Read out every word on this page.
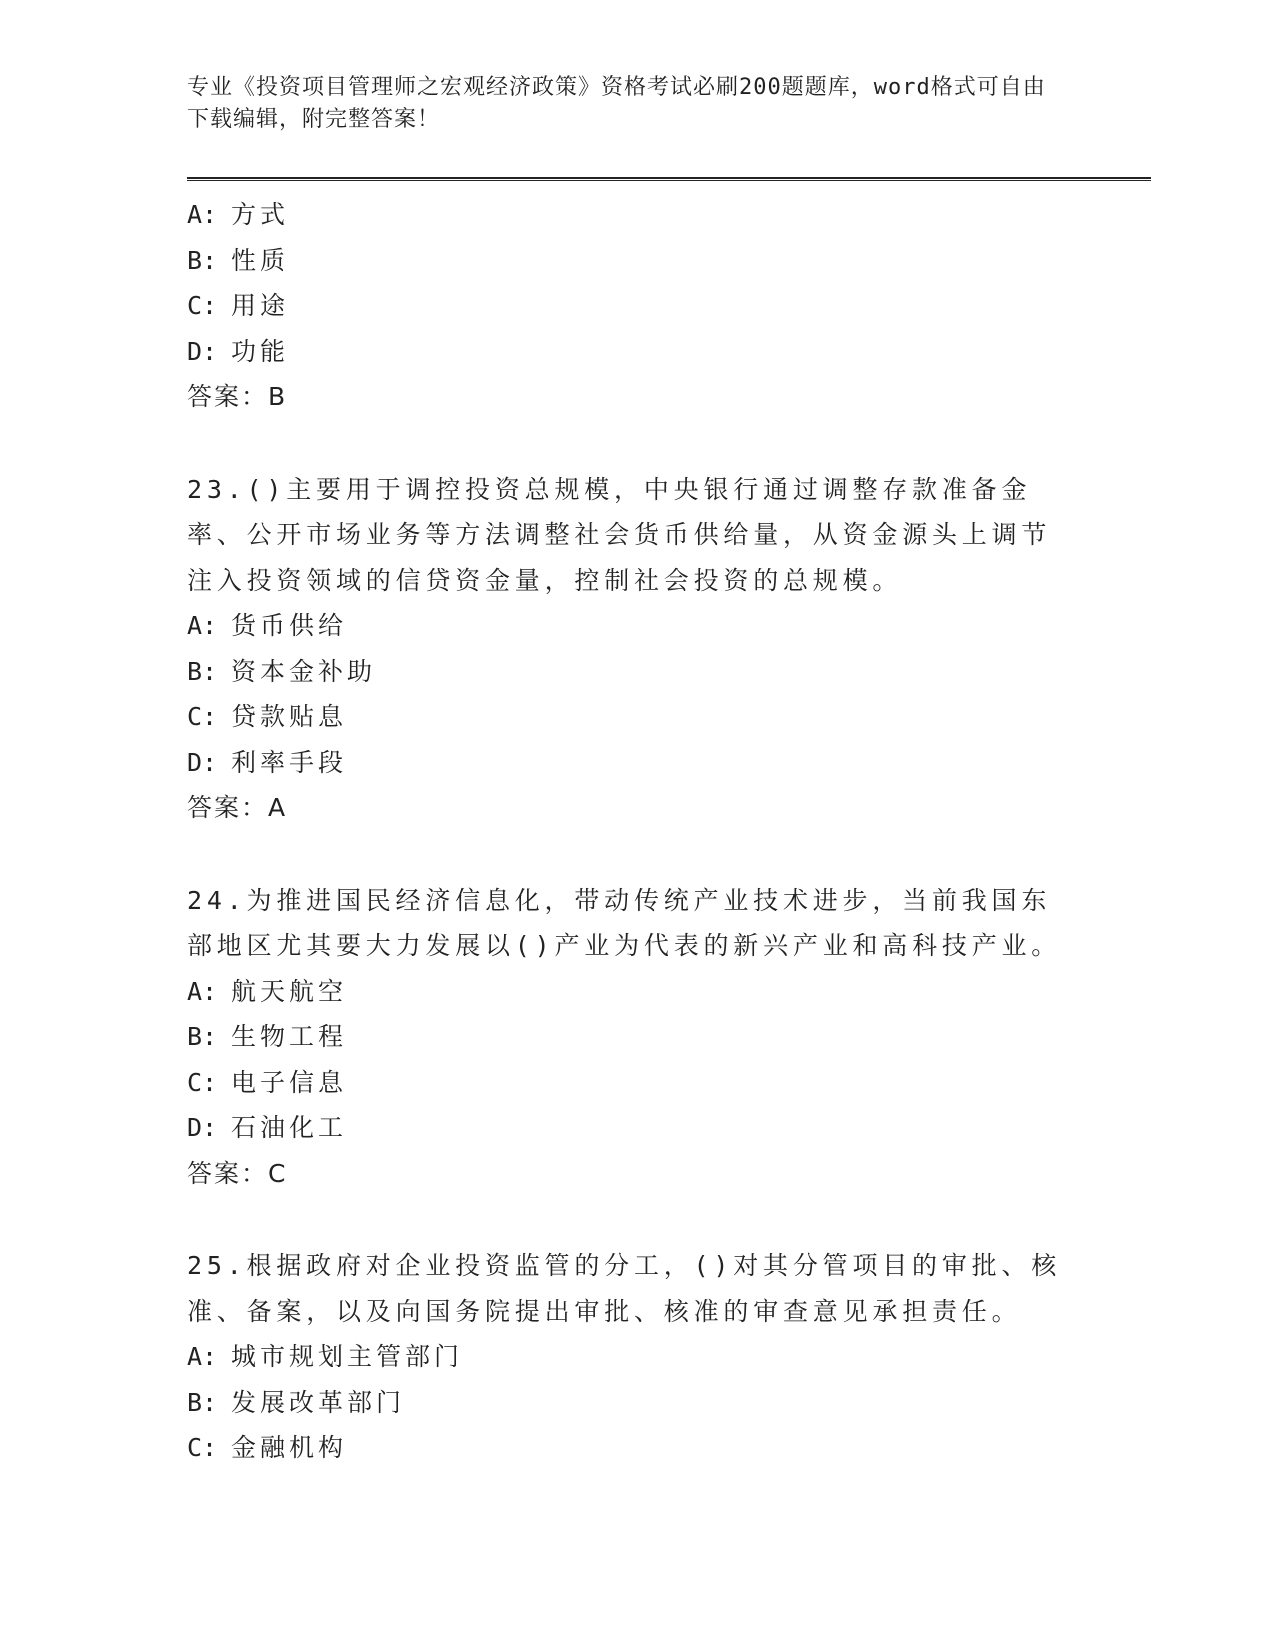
专业《投资项目管理师之宏观经济政策》资格考试必刷200题题库，word格式可自由下载编辑，附完整答案！
A: 方式
B: 性质
C: 用途
D: 功能
答案：B
23.()主要用于调控投资总规模，中央银行通过调整存款准备金率、公开市场业务等方法调整社会货币供给量，从资金源头上调节注入投资领域的信贷资金量，控制社会投资的总规模。
A: 货币供给
B: 资本金补助
C: 贷款贴息
D: 利率手段
答案：A
24.为推进国民经济信息化，带动传统产业技术进步，当前我国东部地区尤其要大力发展以()产业为代表的新兴产业和高科技产业。
A: 航天航空
B: 生物工程
C: 电子信息
D: 石油化工
答案：C
25.根据政府对企业投资监管的分工，()对其分管项目的审批、核准、备案，以及向国务院提出审批、核准的审查意见承担责任。
A: 城市规划主管部门
B: 发展改革部门
C: 金融机构
